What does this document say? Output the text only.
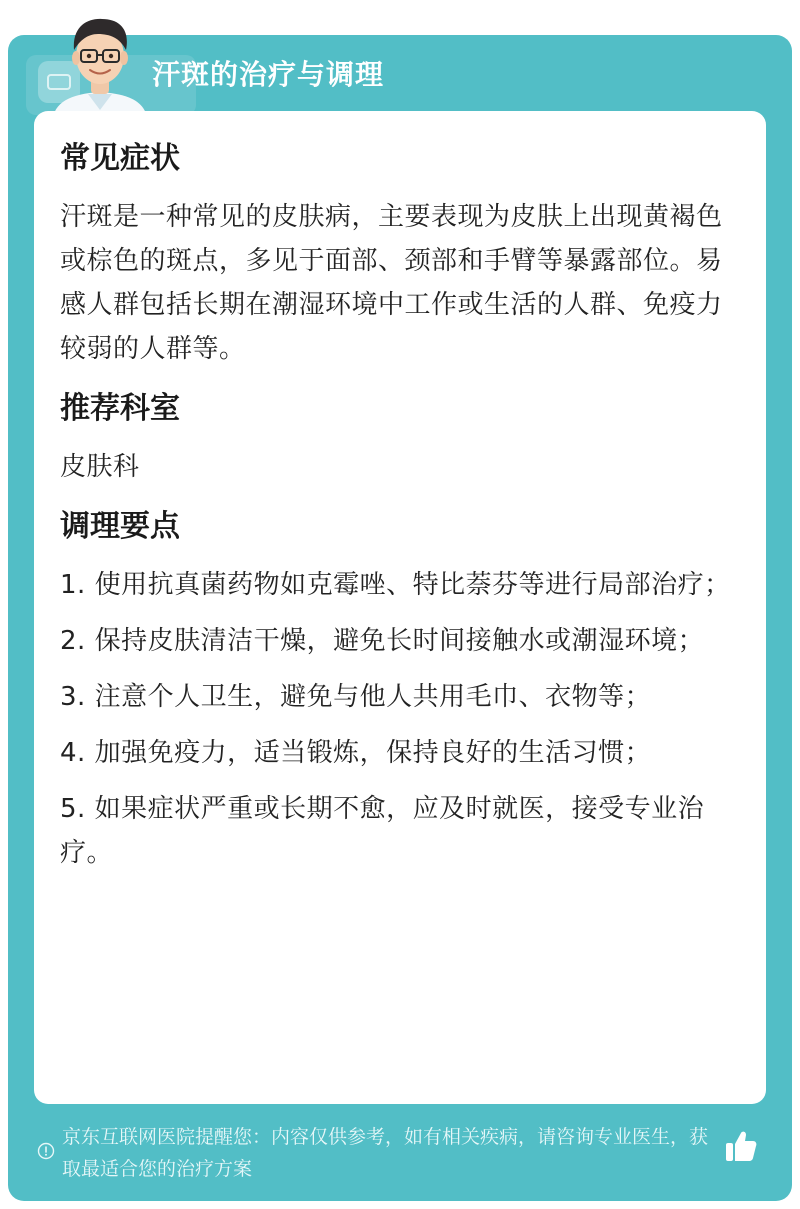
汗斑的治疗与调理
常见症状
汗斑是一种常见的皮肤病，主要表现为皮肤上出现黄褐色或棕色的斑点，多见于面部、颈部和手臂等暴露部位。易感人群包括长期在潮湿环境中工作或生活的人群、免疫力较弱的人群等。
推荐科室
皮肤科
调理要点
1. 使用抗真菌药物如克霉唑、特比萘芬等进行局部治疗；
2. 保持皮肤清洁干燥，避免长时间接触水或潮湿环境；
3. 注意个人卫生，避免与他人共用毛巾、衣物等；
4. 加强免疫力，适当锻炼，保持良好的生活习惯；
5. 如果症状严重或长期不愈，应及时就医，接受专业治疗。
京东互联网医院提醒您：内容仅供参考，如有相关疾病，请咨询专业医生，获取最适合您的治疗方案
